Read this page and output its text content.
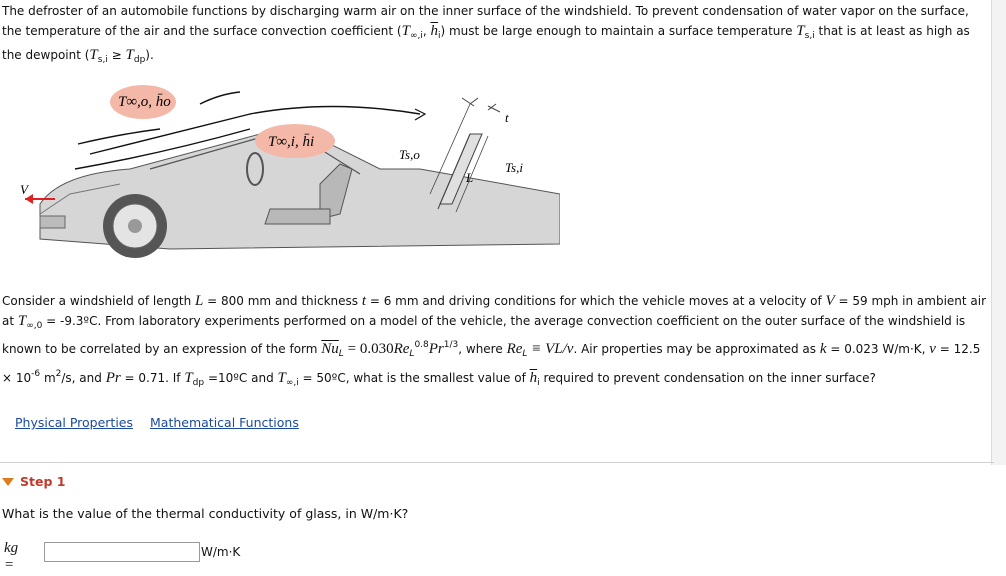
The defroster of an automobile functions by discharging warm air on the inner surface of the windshield. To prevent condensation of water vapor on the surface, the temperature of the air and the surface convection coefficient ($T_{\infty,i}$, $\overline{h}_i$) must be large enough to maintain a surface temperature $T_{s,i}$ that is at least as high as the dewpoint $(T_{s,i} \ge T_{dp})$.
T∞,o, h̄o
T∞,i, h̄i
Ts,o
Ts,i
L
t
V
Consider a windshield of length L = 800 mm and thickness t = 6 mm and driving conditions for which the vehicle moves at a velocity of V = 59 mph in ambient air at $T_{\infty,0}$ = -9.3ºC. From laboratory experiments performed on a model of the vehicle, the average convection coefficient on the outer surface of the windshield is known to be correlated by an expression of the form $\overline{Nu}_L = 0.030Re_L^{0.8}Pr^{1/3}$, where $Re_L \equiv VL/\nu$. Air properties may be approximated as k = 0.023 W/m·K, $\nu = 12.5 \times 10^{-6}$ $m^2/s$, and Pr = 0.71. If $T_{dp}$ =10ºC and $T_{\infty,i}$ = 50ºC, what is the smallest value of $\overline{h}_i$ required to prevent condensation on the inner surface?
Physical Properties Mathematical Functions
Step 1
What is the value of the thermal conductivity of glass, in W/m·K?
kg =
W/m·K
